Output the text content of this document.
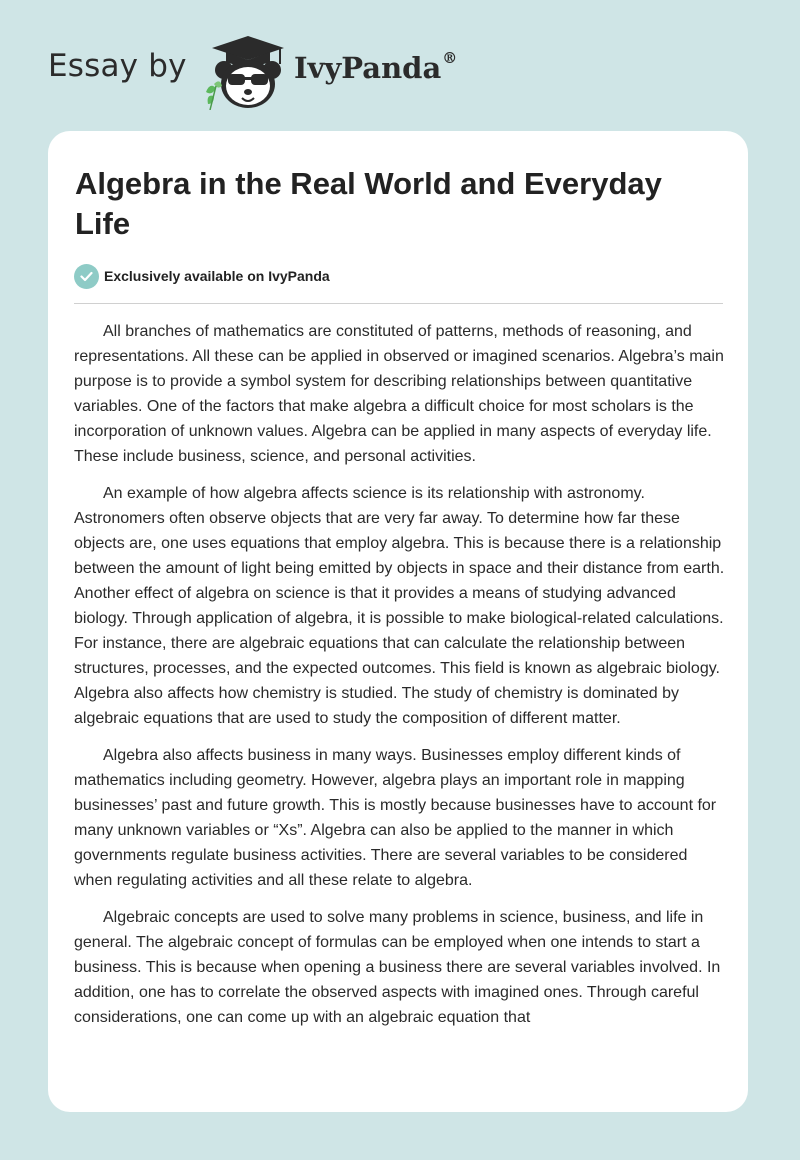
Essay by	IvyPanda®
Algebra in the Real World and Everyday Life
Exclusively available on IvyPanda

All branches of mathematics are constituted of patterns, methods of reasoning, and representations. All these can be applied in observed or imagined scenarios. Algebra’s main purpose is to provide a symbol system for describing relationships between quantitative variables. One of the factors that make algebra a difficult choice for most scholars is the incorporation of unknown values. Algebra can be applied in many aspects of everyday life. These include business, science, and personal activities.

An example of how algebra affects science is its relationship with astronomy. Astronomers often observe objects that are very far away. To determine how far these objects are, one uses equations that employ algebra. This is because there is a relationship between the amount of light being emitted by objects in space and their distance from earth. Another effect of algebra on science is that it provides a means of studying advanced biology. Through application of algebra, it is possible to make biological-related calculations. For instance, there are algebraic equations that can calculate the relationship between structures, processes, and the expected outcomes. This field is known as algebraic biology. Algebra also affects how chemistry is studied. The study of chemistry is dominated by algebraic equations that are used to study the composition of different matter.

Algebra also affects business in many ways. Businesses employ different kinds of mathematics including geometry. However, algebra plays an important role in mapping businesses’ past and future growth. This is mostly because businesses have to account for many unknown variables or “Xs”. Algebra can also be applied to the manner in which governments regulate business activities. There are several variables to be considered when regulating activities and all these relate to algebra.

Algebraic concepts are used to solve many problems in science, business, and life in general. The algebraic concept of formulas can be employed when one intends to start a business. This is because when opening a business there are several variables involved. In addition, one has to correlate the observed aspects with imagined ones. Through careful considerations, one can come up with an algebraic equation that
